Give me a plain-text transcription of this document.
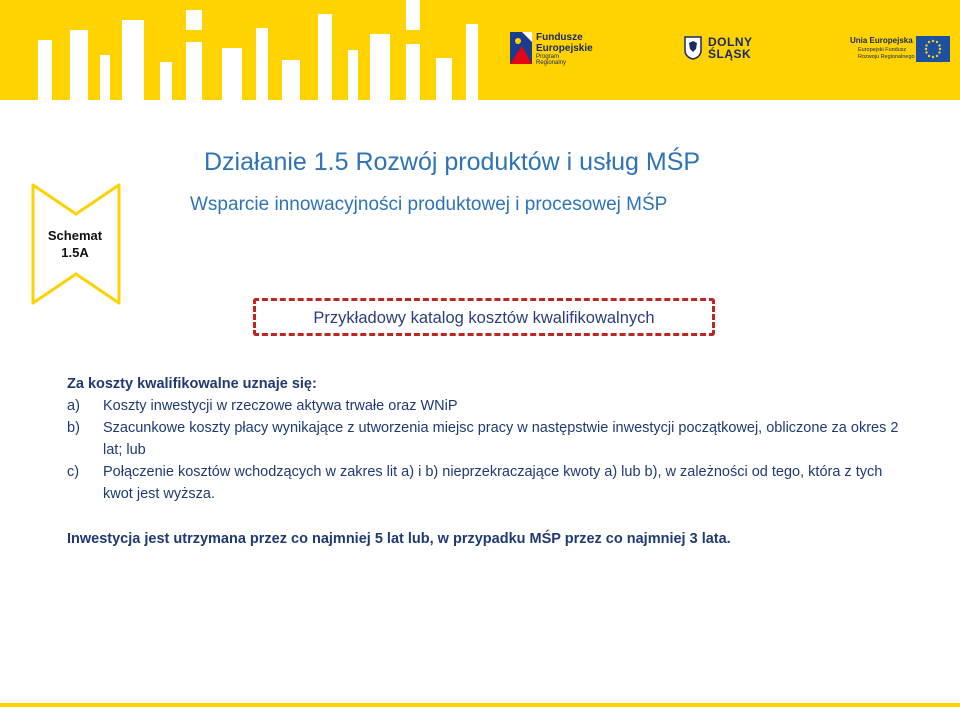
Fundusze
Europejskie
Program Regionalny
DOLNY
ŚLĄSK
Unia Europejska
Europejski Fundusz
Rozwoju Regionalnego
Schemat
1.5A
Działanie 1.5 Rozwój produktów i usług MŚP
Wsparcie innowacyjności produktowej i procesowej MŚP
Przykładowy katalog kosztów kwalifikowalnych
Za koszty kwalifikowalne uznaje się:
a)	Koszty inwestycji w rzeczowe aktywa trwałe oraz WNiP
b)	Szacunkowe koszty płacy wynikające z utworzenia miejsc pracy w następstwie inwestycji początkowej, obliczone za okres 2 lat; lub
c)	Połączenie kosztów wchodzących w zakres lit a) i b) nieprzekraczające kwoty a) lub b), w zależności od tego, która z tych kwot jest wyższa.
Inwestycja jest utrzymana przez co najmniej 5 lat lub, w przypadku MŚP przez co najmniej 3 lata.
